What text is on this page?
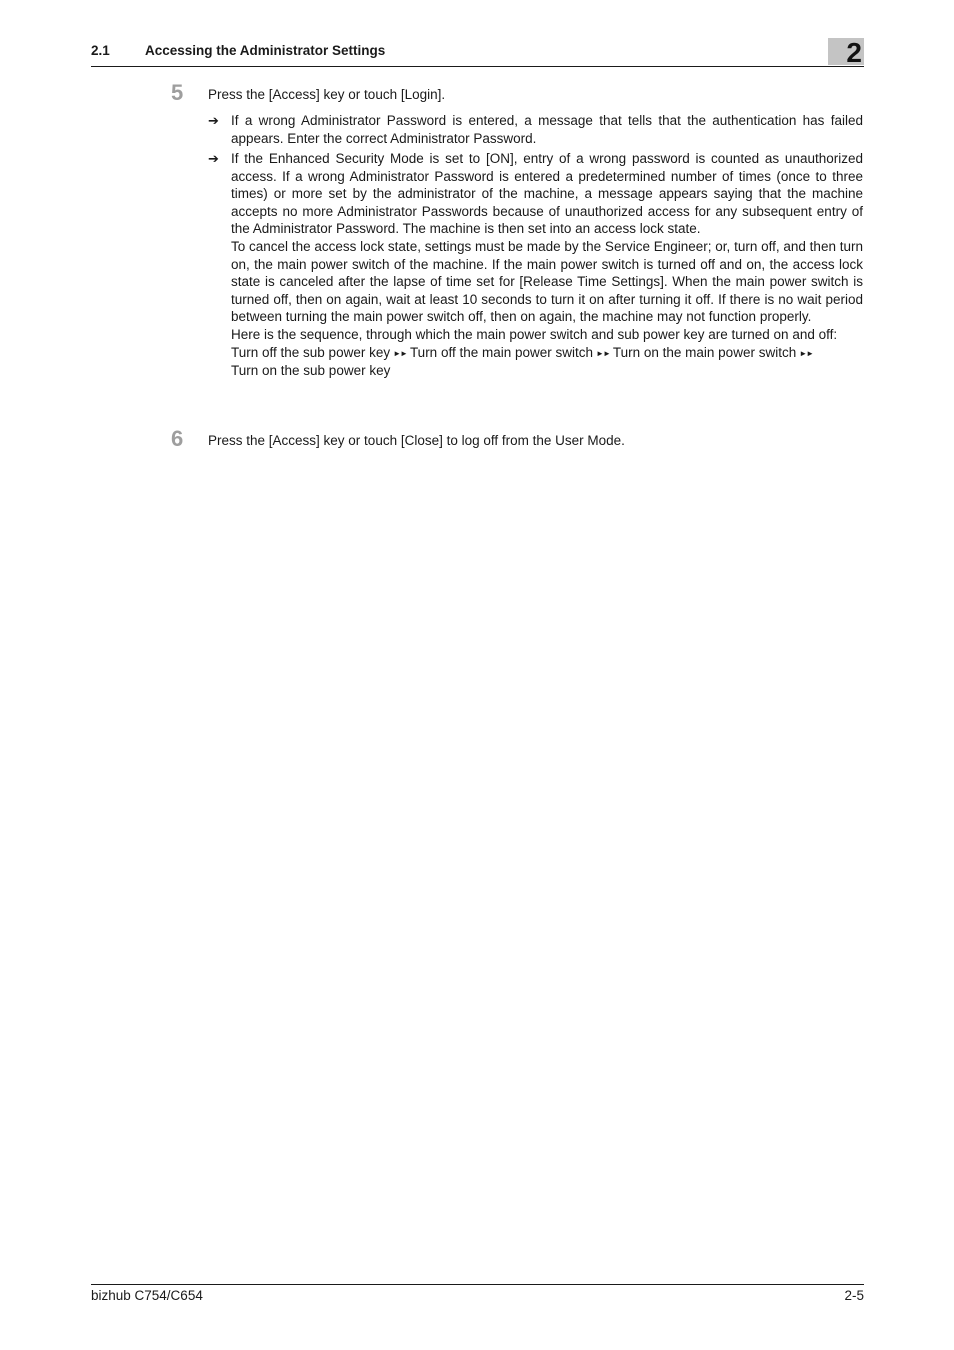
2.1	Accessing the Administrator Settings	2
5 Press the [Access] key or touch [Login].
➔ If a wrong Administrator Password is entered, a message that tells that the authentication has failed appears. Enter the correct Administrator Password.

➔ If the Enhanced Security Mode is set to [ON], entry of a wrong password is counted as unauthorized access. If a wrong Administrator Password is entered a predetermined number of times (once to three times) or more set by the administrator of the machine, a message appears saying that the machine accepts no more Administrator Passwords because of unauthorized access for any subsequent entry of the Administrator Password. The machine is then set into an access lock state.

To cancel the access lock state, settings must be made by the Service Engineer; or, turn off, and then turn on, the main power switch of the machine. If the main power switch is turned off and on, the access lock state is canceled after the lapse of time set for [Release Time Settings]. When the main power switch is turned off, then on again, wait at least 10 seconds to turn it on after turning it off. If there is no wait period between turning the main power switch off, then on again, the machine may not function properly.

Here is the sequence, through which the main power switch and sub power key are turned on and off:

Turn off the sub power key ►► Turn off the main power switch ►► Turn on the main power switch ►►
Turn on the sub power key

6 Press the [Access] key or touch [Close] to log off from the User Mode.
bizhub C754/C654	2-5
